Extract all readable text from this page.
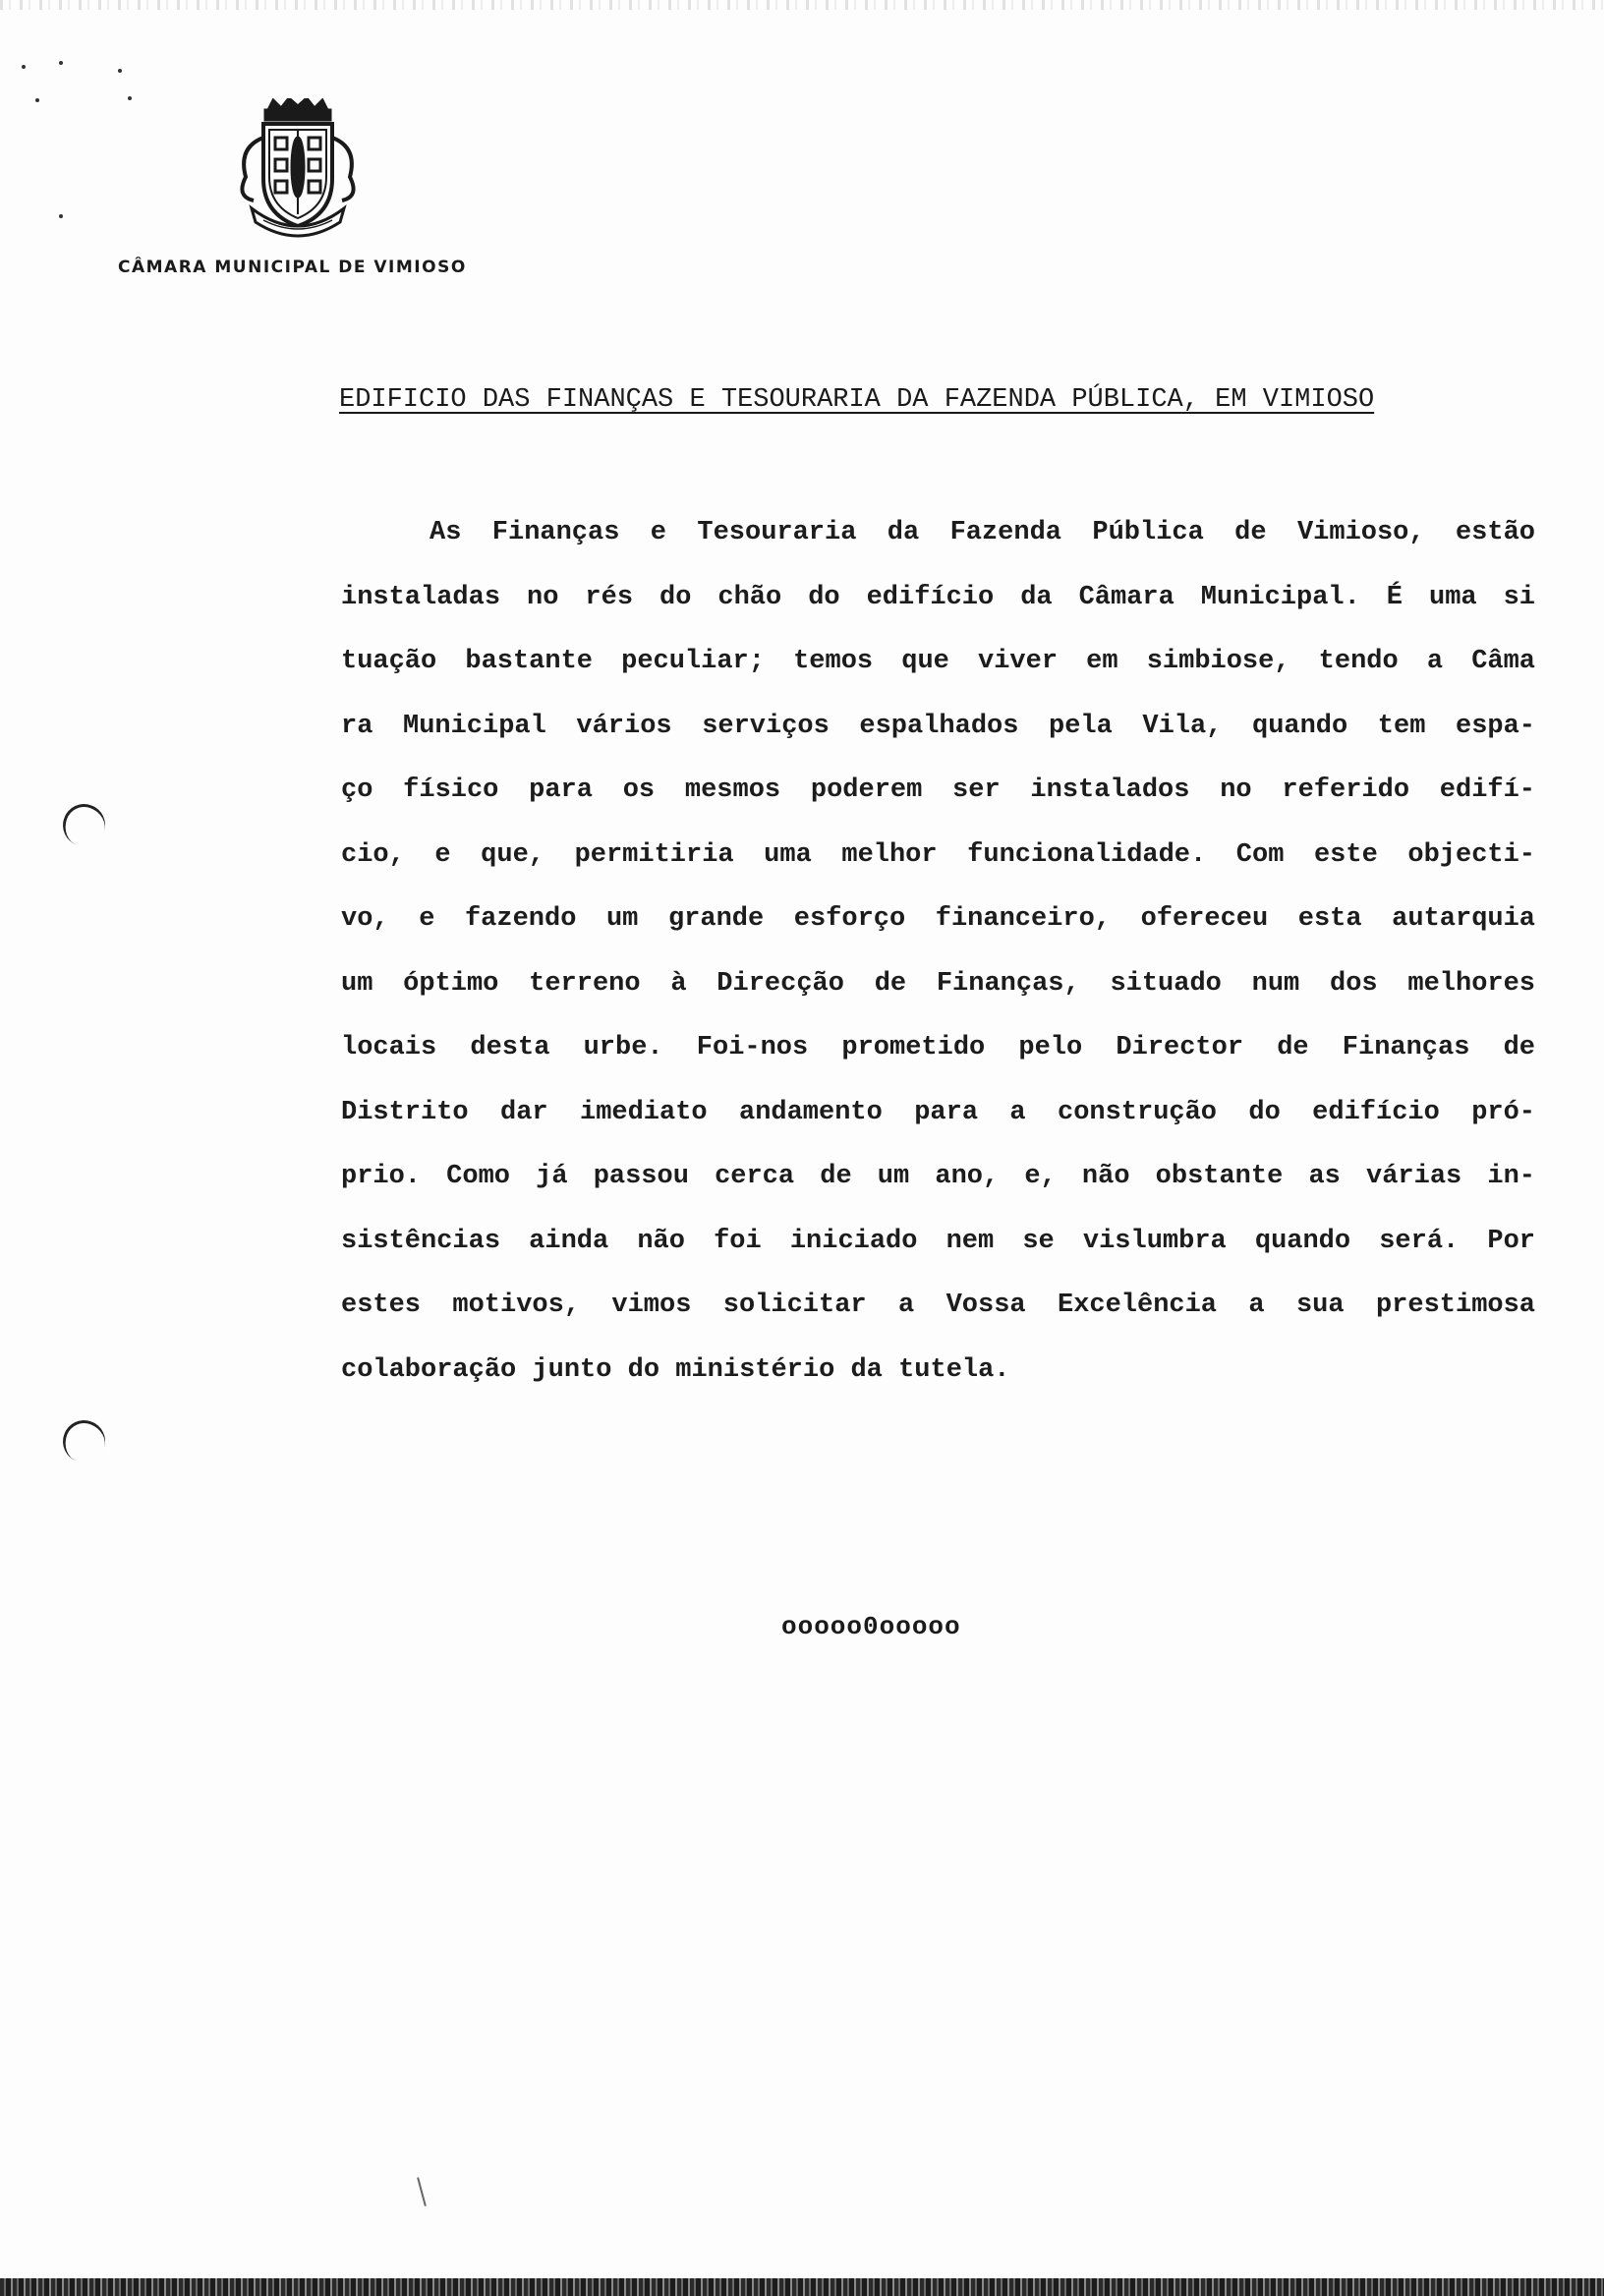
CÂMARA MUNICIPAL DE VIMIOSO
EDIFICIO DAS FINANÇAS E TESOURARIA DA FAZENDA PÚBLICA, EM VIMIOSO
As Finanças e Tesouraria da Fazenda Pública de Vimioso, estão
instaladas no rés do chão do edifício da Câmara Municipal. É uma si
tuação bastante peculiar; temos que viver em simbiose, tendo a Câma
ra Municipal vários serviços espalhados pela Vila, quando tem espa-
ço físico para os mesmos poderem ser instalados no referido edifí-
cio, e que, permitiria uma melhor funcionalidade. Com este objecti-
vo, e fazendo um grande esforço financeiro, ofereceu esta autarquia
um óptimo terreno à Direcção de Finanças, situado num dos melhores
locais desta urbe. Foi-nos prometido pelo Director de Finanças de
Distrito dar imediato andamento para a construção do edifício pró-
prio. Como já passou cerca de um ano, e, não obstante as várias in-
sistências ainda não foi iniciado nem se vislumbra quando será. Por
estes motivos, vimos solicitar a Vossa Excelência a sua prestimosa
colaboração junto do ministério da tutela.
ooooo0ooooo
